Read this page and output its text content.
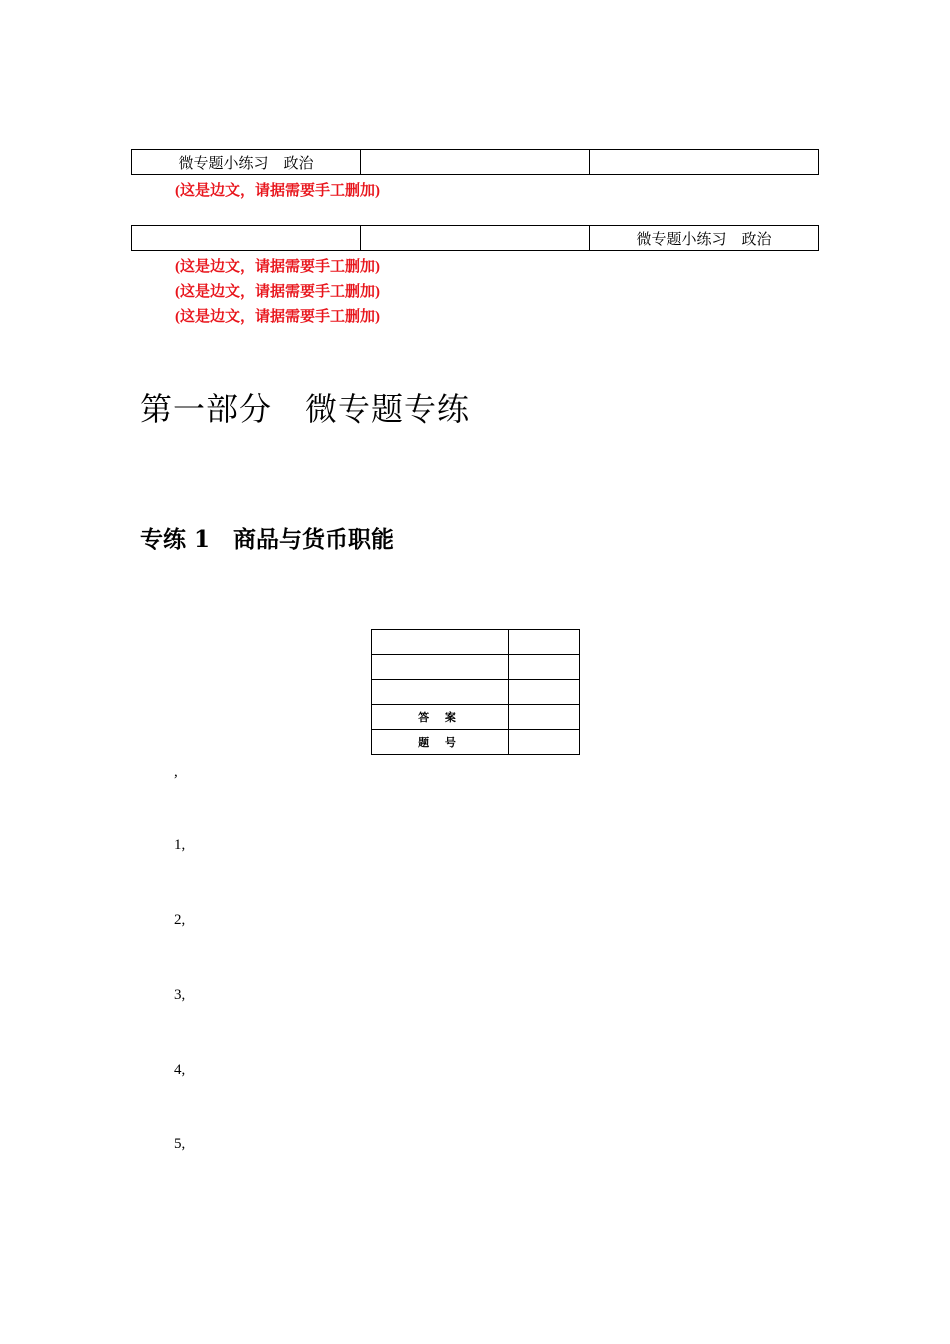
微专题小练习　政治		
(这是边文，请据需要手工删加)
		微专题小练习　政治
(这是边文，请据需要手工删加)
(这是边文，请据需要手工删加)
(这是边文，请据需要手工删加)
第一部分　微专题专练
专练 1　商品与货币职能

答 案	
题 号	
,
1,
2,
3,
4,
5,
